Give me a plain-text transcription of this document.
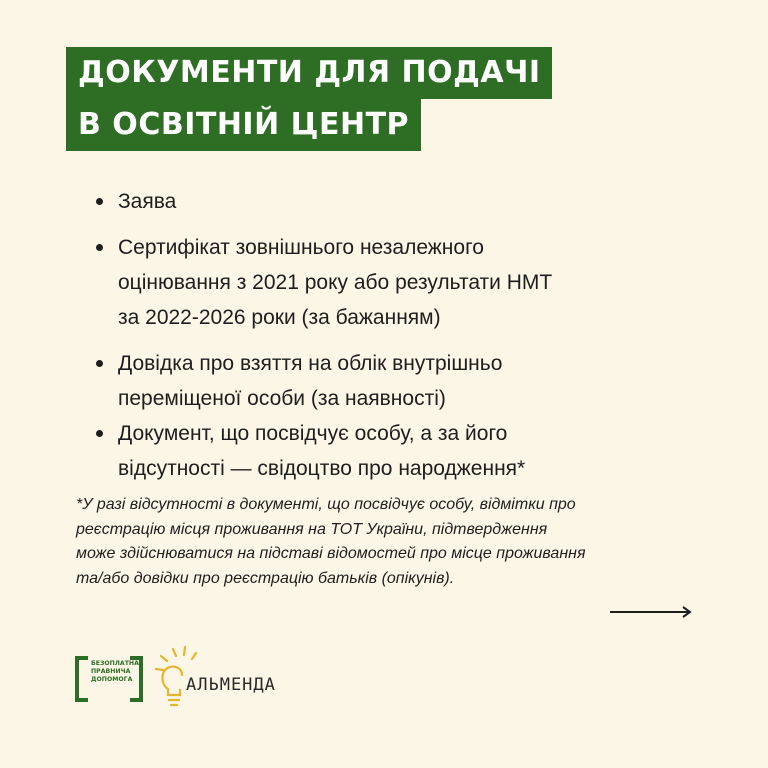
ДОКУМЕНТИ ДЛЯ ПОДАЧІ
В ОСВІТНІЙ ЦЕНТР
Заява
Сертифікат зовнішнього незалежного
оцінювання з 2021 року або результати НМТ
за 2022-2026 роки (за бажанням)
Довідка про взяття на облік внутрішньо
переміщеної особи (за наявності)
Документ, що посвідчує особу, а за його
відсутності — свідоцтво про народження*
*У разі відсутності в документі, що посвідчує особу, відмітки про
реєстрацію місця проживання на ТОТ України, підтвердження
може здійснюватися на підставі відомостей про місце проживання
та/або довідки про реєстрацію батьків (опікунів).
БЕЗОПЛАТНА
ПРАВНИЧА
ДОПОМОГА	АЛЬМЕНДА
